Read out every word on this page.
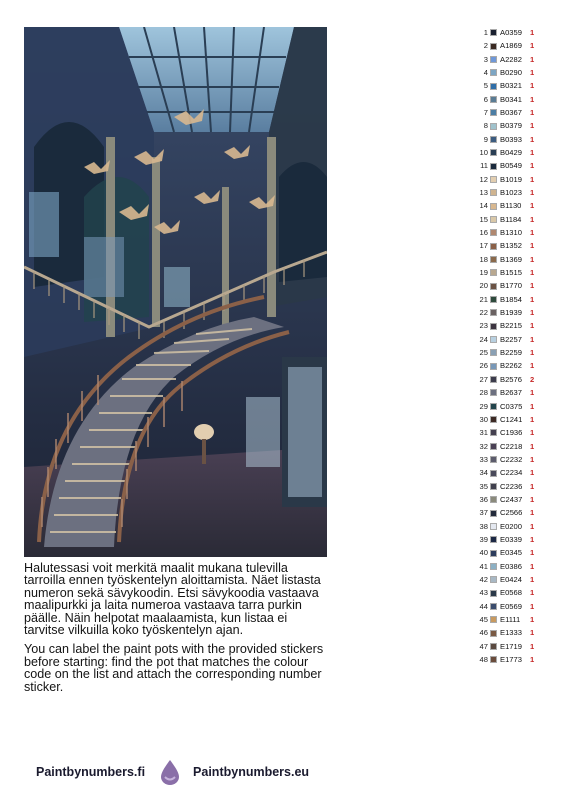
Halutessasi voit merkitä maalit mukana tulevilla tarroilla ennen työskentelyn aloittamista. Näet listasta numeron sekä sävykoodin. Etsi sävykoodia vastaava maalipurkki ja laita numeroa vastaava tarra purkin päälle. Näin helpotat maalaamista, kun listaa ei tarvitse vilkuilla koko työskentelyn ajan.

You can label the paint pots with the provided stickers before starting: find the pot that matches the colour code on the list and attach the corresponding number sticker.

1 A0359	1
2 A1869	1
3 A2282	1
4 B0290	1
5 B0321	1
6 B0341	1
7 B0367	1
8 B0379	1
9 B0393	1
10 B0429	1
11 B0549	1
12 B1019	1
13 B1023	1
14 B1130	1
15 B1184	1
16 B1310	1
17 B1352	1
18 B1369	1
19 B1515	1
20 B1770	1
21 B1854	1
22 B1939	1
23 B2215	1
24 B2257	1
25 B2259	1
26 B2262	1
27 B2576	2
28 B2637	1
29 C0375	1
30 C1241	1
31 C1936	1
32 C2218	1
33 C2232	1
34 C2234	1
35 C2236	1
36 C2437	1
37 C2566	1
38 E0200	1
39 E0339	1
40 E0345	1
41 E0386	1
42 E0424	1
43 E0568	1
44 E0569	1
45 E1111	1
46 E1333	1
47 E1719	1
48 E1773	1
Paintbynumbers.fi	Paintbynumbers.eu
